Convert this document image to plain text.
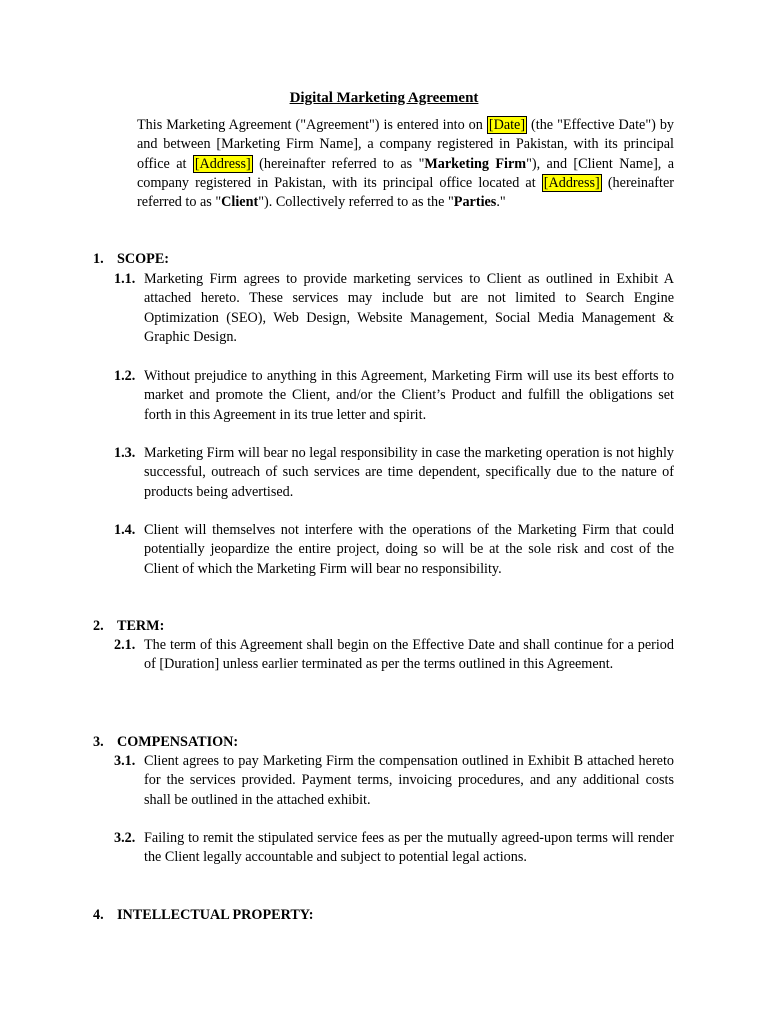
Digital Marketing Agreement
This Marketing Agreement ("Agreement") is entered into on [Date] (the "Effective Date") by and between [Marketing Firm Name], a company registered in Pakistan, with its principal office at [Address] (hereinafter referred to as "Marketing Firm"), and [Client Name], a company registered in Pakistan, with its principal office located at [Address] (hereinafter referred to as "Client"). Collectively referred to as the "Parties."
1. SCOPE:
1.1. Marketing Firm agrees to provide marketing services to Client as outlined in Exhibit A attached hereto. These services may include but are not limited to Search Engine Optimization (SEO), Web Design, Website Management, Social Media Management & Graphic Design.
1.2. Without prejudice to anything in this Agreement, Marketing Firm will use its best efforts to market and promote the Client, and/or the Client’s Product and fulfill the obligations set forth in this Agreement in its true letter and spirit.
1.3. Marketing Firm will bear no legal responsibility in case the marketing operation is not highly successful, outreach of such services are time dependent, specifically due to the nature of products being advertised.
1.4. Client will themselves not interfere with the operations of the Marketing Firm that could potentially jeopardize the entire project, doing so will be at the sole risk and cost of the Client of which the Marketing Firm will bear no responsibility.
2. TERM:
2.1. The term of this Agreement shall begin on the Effective Date and shall continue for a period of [Duration] unless earlier terminated as per the terms outlined in this Agreement.
3. COMPENSATION:
3.1. Client agrees to pay Marketing Firm the compensation outlined in Exhibit B attached hereto for the services provided. Payment terms, invoicing procedures, and any additional costs shall be outlined in the attached exhibit.
3.2. Failing to remit the stipulated service fees as per the mutually agreed-upon terms will render the Client legally accountable and subject to potential legal actions.
4. INTELLECTUAL PROPERTY:
